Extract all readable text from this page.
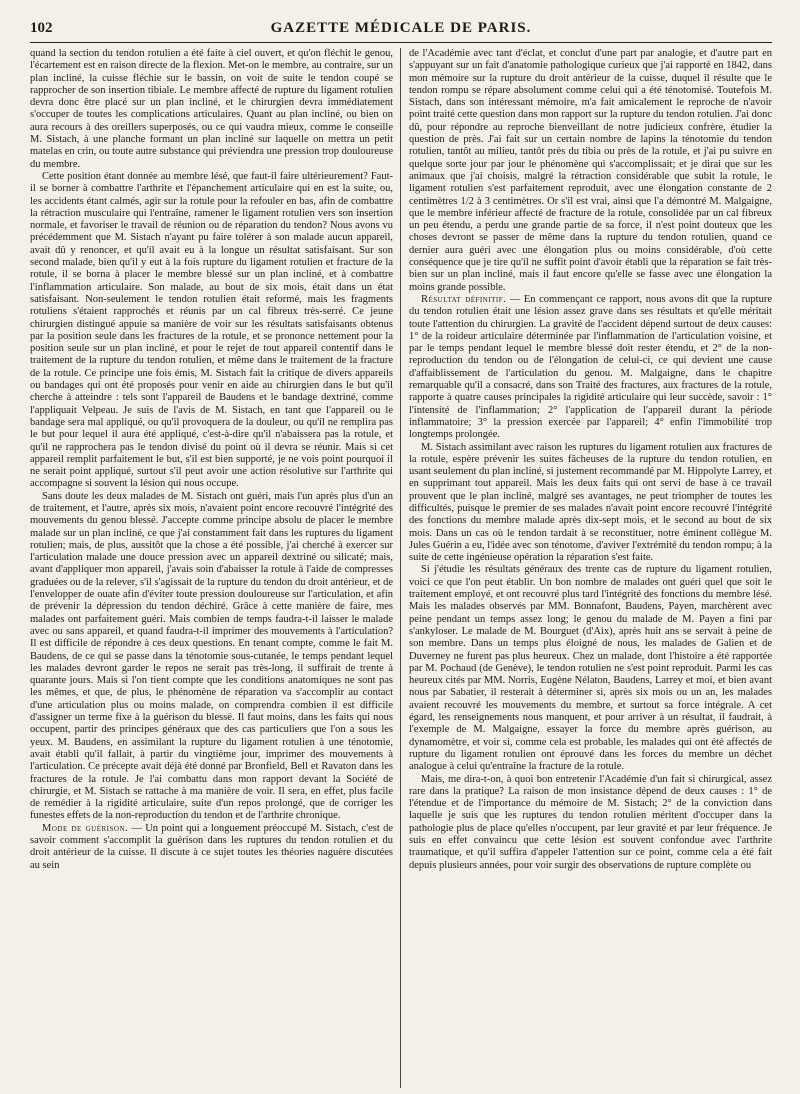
102	GAZETTE MÉDICALE DE PARIS.

quand la section du tendon rotulien a été faite à ciel ouvert, et qu'on fléchit le genou, l'écartement est en raison directe de la flexion. Met-on le membre, au contraire, sur un plan incliné, la cuisse fléchie sur le bassin, on voit de suite le tendon coupé se rapprocher de son insertion tibiale. Le membre affecté de rupture du ligament rotulien devra donc être placé sur un plan incliné, et le chirurgien devra immédiatement s'occuper de toutes les complications articulaires. Quant au plan incliné, ou bien on aura recours à des oreillers superposés, ou ce qui vaudra mieux, comme le conseille M. Sistach, à une planche formant un plan incliné sur laquelle on mettra un petit matelas en crin, ou toute autre substance qui préviendra une pression trop douloureuse du membre.

Cette position étant donnée au membre lésé, que faut-il faire ultérieurement? Faut-il se borner à combattre l'arthrite et l'épanchement articulaire qui en est la suite, ou, les accidents étant calmés, agir sur la rotule pour la refouler en bas, afin de combattre la rétraction musculaire qui l'entraîne, ramener le ligament rotulien vers son insertion normale, et favoriser le travail de réunion ou de réparation du tendon? Nous avons vu précédemment que M. Sistach n'ayant pu faire tolérer à son malade aucun appareil, avait dû y renoncer, et qu'il avait eu à la longue un résultat satisfaisant. Sur son second malade, bien qu'il y eut à la fois rupture du ligament rotulien et fracture de la rotule, il se borna à placer le membre blessé sur un plan incliné, et à combattre l'inflammation articulaire. Son malade, au bout de six mois, était dans un état satisfaisant. Non-seulement le tendon rotulien était reformé, mais les fragments rotuliens s'étaient rapprochés et réunis par un cal fibreux très-serré. Ce jeune chirurgien distingué appuie sa manière de voir sur les résultats satisfaisants obtenus par la position seule dans les fractures de la rotule, et se prononce nettement pour la position seule sur un plan incliné, et pour le rejet de tout appareil contentif dans le traitement de la rupture du tendon rotulien, et même dans le traitement de la fracture de la rotule. Ce principe une fois émis, M. Sistach fait la critique de divers appareils ou bandages qui ont été proposés pour venir en aide au chirurgien dans le but qu'il cherche à atteindre : tels sont l'appareil de Baudens et le bandage dextriné, comme l'appliquait Velpeau. Je suis de l'avis de M. Sistach, en tant que l'appareil ou le bandage sera mal appliqué, ou qu'il provoquera de la douleur, ou qu'il ne remplira pas le but pour lequel il aura été appliqué, c'est-à-dire qu'il n'abaissera pas la rotule, et qu'il ne rapprochera pas le tendon divisé du point où il devra se réunir. Mais si cet appareil remplit parfaitement le but, s'il est bien supporté, je ne vois point pourquoi il ne serait point appliqué, surtout s'il peut avoir une action résolutive sur l'arthrite qui accompagne si souvent la lésion qui nous occupe.

Sans doute les deux malades de M. Sistach ont guéri, mais l'un après plus d'un an de traitement, et l'autre, après six mois, n'avaient point encore recouvré l'intégrité des mouvements du genou blessé. J'accepte comme principe absolu de placer le membre malade sur un plan incliné, ce que j'ai constamment fait dans les ruptures du ligament rotulien; mais, de plus, aussitôt que la chose a été possible, j'ai cherché à exercer sur l'articulation malade une douce pression avec un appareil dextriné ou silicaté; mais, avant d'appliquer mon appareil, j'avais soin d'abaisser la rotule à l'aide de compresses graduées ou de la relever, s'il s'agissait de la rupture du tendon du droit antérieur, et de l'envelopper de ouate afin d'éviter toute pression douloureuse sur l'articulation, et afin de prévenir la dépression du tendon déchiré. Grâce à cette manière de faire, mes malades ont parfaitement guéri. Mais combien de temps faudra-t-il laisser le malade avec ou sans appareil, et quand faudra-t-il imprimer des mouvements à l'articulation? Il est difficile de répondre à ces deux questions. En tenant compte, comme le fait M. Baudens, de ce qui se passe dans la ténotomie sous-cutanée, le temps pendant lequel les malades devront garder le repos ne serait pas très-long, il suffirait de trente à quarante jours. Mais si l'on tient compte que les conditions anatomiques ne sont pas les mêmes, et que, de plus, le phénomène de réparation va s'accomplir au contact d'une articulation plus ou moins malade, on comprendra combien il est difficile d'assigner un terme fixe à la guérison du blessé. Il faut moins, dans les faits qui nous occupent, partir des principes généraux que des cas particuliers que l'on a sous les yeux. M. Baudens, en assimilant la rupture du ligament rotulien à une ténotomie, avait établi qu'il fallait, à partir du vingtième jour, imprimer des mouvements à l'articulation. Ce précepte avait déjà été donné par Bronfield, Bell et Ravaton dans les fractures de la rotule. Je l'ai combattu dans mon rapport devant la Société de chirurgie, et M. Sistach se rattache à ma manière de voir. Il sera, en effet, plus facile de remédier à la rigidité articulaire, suite d'un repos prolongé, que de corriger les funestes effets de la non-reproduction du tendon et de l'arthrite chronique.

Mode de guérison. — Un point qui a longuement préoccupé M. Sistach, c'est de savoir comment s'accomplit la guérison dans les ruptures du tendon rotulien et du droit antérieur de la cuisse. Il discute à ce sujet toutes les théories naguère discutées au sein

de l'Académie avec tant d'éclat, et conclut d'une part par analogie, et d'autre part en s'appuyant sur un fait d'anatomie pathologique curieux que j'ai rapporté en 1842, dans mon mémoire sur la rupture du droit antérieur de la cuisse, duquel il résulte que le tendon rompu se répare absolument comme celui qui a été ténotomisé. Toutefois M. Sistach, dans son intéressant mémoire, m'a fait amicalement le reproche de n'avoir point traité cette question dans mon rapport sur la rupture du tendon rotulien. J'ai donc dû, pour répondre au reproche bienveillant de notre judicieux confrère, étudier la question de près. J'ai fait sur un certain nombre de lapins la ténotomie du tendon rotulien, tantôt au milieu, tantôt près du tibia ou près de la rotule, et j'ai pu suivre en quelque sorte jour par jour le phénomène qui s'accomplissait; et je dirai que sur les animaux que j'ai choisis, malgré la rétraction considérable que subit la rotule, le ligament rotulien s'est parfaitement reproduit, avec une élongation constante de 2 centimètres 1/2 à 3 centimètres. Or s'il est vrai, ainsi que l'a démontré M. Malgaigne, que le membre inférieur affecté de fracture de la rotule, consolidée par un cal fibreux un peu étendu, a perdu une grande partie de sa force, il n'est point douteux que les choses devront se passer de même dans la rupture du tendon rotulien, quand ce dernier aura guéri avec une élongation plus ou moins considérable, d'où cette conséquence que je tire qu'il ne suffit point d'avoir établi que la réparation se fait très-bien sur un plan incliné, mais il faut encore qu'elle se fasse avec une élongation la moins grande possible.

Résultat définitif. — En commençant ce rapport, nous avons dit que la rupture du tendon rotulien était une lésion assez grave dans ses résultats et qu'elle méritait toute l'attention du chirurgien. La gravité de l'accident dépend surtout de deux causes: 1° de la roideur articulaire déterminée par l'inflammation de l'articulation voisine, et par le temps pendant lequel le membre blessé doit rester étendu, et 2° de la non-reproduction du tendon ou de l'élongation de celui-ci, ce qui devient une cause d'affaiblissement de l'articulation du genou. M. Malgaigne, dans le chapitre remarquable qu'il a consacré, dans son Traité des fractures, aux fractures de la rotule, rapporte à quatre causes principales la rigidité articulaire qui leur succède, savoir : 1° l'intensité de l'inflammation; 2° l'application de l'appareil durant la période inflammatoire; 3° la pression exercée par l'appareil; 4° enfin l'immobilité trop longtemps prolongée.

M. Sistach assimilant avec raison les ruptures du ligament rotulien aux fractures de la rotule, espère prévenir les suites fâcheuses de la rupture du tendon rotulien, en usant seulement du plan incliné, si justement recommandé par M. Hippolyte Larrey, et en supprimant tout appareil. Mais les deux faits qui ont servi de base à ce travail prouvent que le plan incliné, malgré ses avantages, ne peut triompher de toutes les difficultés, puisque le premier de ses malades n'avait point encore recouvré l'intégrité des fonctions du membre malade après dix-sept mois, et le second au bout de six mois. Dans un cas où le tendon tardait à se reconstituer, notre éminent collègue M. Jules Guérin a eu, l'idée avec son ténotome, d'aviver l'extrémité du tendon rompu; à la suite de cette ingénieuse opération la réparation s'est faite.

Si j'étudie les résultats généraux des trente cas de rupture du ligament rotulien, voici ce que l'on peut établir. Un bon nombre de malades ont guéri quel que soit le traitement employé, et ont recouvré plus tard l'intégrité des fonctions du membre lésé. Mais les malades observés par MM. Bonnafont, Baudens, Payen, marchèrent avec peine pendant un temps assez long; le genou du malade de M. Payen a fini par s'ankyloser. Le malade de M. Bourguet (d'Aix), après huit ans se servait à peine de son membre. Dans un temps plus éloigné de nous, les malades de Galien et de Duverney ne furent pas plus heureux. Chez un malade, dont l'histoire a été rapportée par M. Pochaud (de Genève), le tendon rotulien ne s'est point reproduit. Parmi les cas heureux cités par MM. Norris, Eugène Nélaton, Baudens, Larrey et moi, et bien avant nous par Sabatier, il resterait à déterminer si, après six mois ou un an, les malades avaient recouvré les mouvements du membre, et surtout sa force intégrale. A cet égard, les renseignements nous manquent, et pour arriver à un résultat, il faudrait, à l'exemple de M. Malgaigne, essayer la force du membre après guérison, au dynamomètre, et voir si, comme cela est probable, les malades qui ont été affectés de rupture du ligament rotulien ont éprouvé dans les forces du membre un déchet analogue à celui qu'entraîne la fracture de la rotule.

Mais, me dira-t-on, à quoi bon entretenir l'Académie d'un fait si chirurgical, assez rare dans la pratique? La raison de mon insistance dépend de deux causes : 1° de l'étendue et de l'importance du mémoire de M. Sistach; 2° de la conviction dans laquelle je suis que les ruptures du tendon rotulien méritent d'occuper dans la pathologie plus de place qu'elles n'occupent, par leur gravité et par leur fréquence. Je suis en effet convaincu que cette lésion est souvent confondue avec l'arthrite traumatique, et qu'il suffira d'appeler l'attention sur ce point, comme cela a été fait depuis plusieurs années, pour voir surgir des observations de rupture complète ou
